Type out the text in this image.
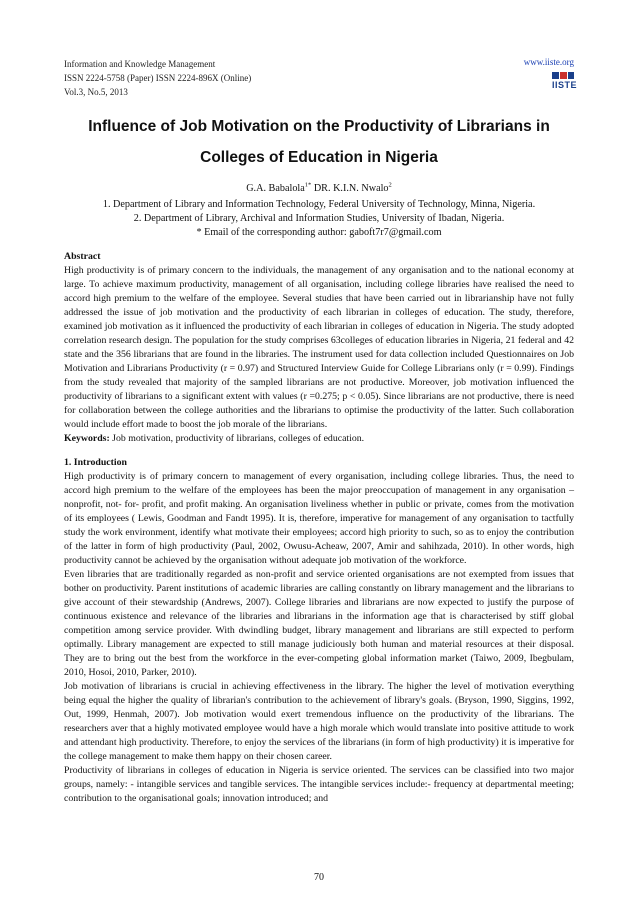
Information and Knowledge Management
ISSN 2224-5758 (Paper) ISSN 2224-896X (Online)
Vol.3, No.5, 2013
www.iiste.org
IISTE
Influence of Job Motivation on the Productivity of Librarians in
Colleges of Education in Nigeria
G.A. Babalola$^{1*}$ DR. K.I.N. Nwalo$^2$
1. Department of Library and Information Technology, Federal University of Technology, Minna, Nigeria.
2. Department of Library, Archival and Information Studies, University of Ibadan, Nigeria.
* Email of the corresponding author: gaboft7r7@gmail.com
Abstract

High productivity is of primary concern to the individuals, the management of any organisation and to the national economy at large. To achieve maximum productivity, management of all organisation, including college libraries have realised the need to accord high premium to the welfare of the employee. Several studies that have been carried out in librarianship have not fully addressed the issue of job motivation and the productivity of each librarian in colleges of education. The study, therefore, examined job motivation as it influenced the productivity of each librarian in colleges of education in Nigeria. The study adopted correlation research design. The population for the study comprises 63colleges of education libraries in Nigeria, 21 federal and 42 state and the 356 librarians that are found in the libraries. The instrument used for data collection included Questionnaires on Job Motivation and Librarians Productivity (r = 0.97) and Structured Interview Guide for College Librarians only (r = 0.99). Findings from the study revealed that majority of the sampled librarians are not productive. Moreover, job motivation influenced the productivity of librarians to a significant extent with values (r =0.275; p < 0.05). Since librarians are not productive, there is need for collaboration between the college authorities and the librarians to optimise the productivity of the latter. Such collaboration would include effort made to boost the job morale of the librarians.

Keywords: Job motivation, productivity of librarians, colleges of education.

1. Introduction

High productivity is of primary concern to management of every organisation, including college libraries. Thus, the need to accord high premium to the welfare of the employees has been the major preoccupation of management in any organisation – nonprofit, not- for- profit, and profit making. An organisation liveliness whether in public or private, comes from the motivation of its employees ( Lewis, Goodman and Fandt 1995). It is, therefore, imperative for management of any organisation to tactfully study the work environment, identify what motivate their employees; accord high priority to such, so as to enjoy the contribution of the latter in form of high productivity (Paul, 2002, Owusu-Acheaw, 2007, Amir and sahihzada, 2010). In other words, high productivity cannot be achieved by the organisation without adequate job motivation of the workforce.

Even libraries that are traditionally regarded as non-profit and service oriented organisations are not exempted from issues that bother on productivity. Parent institutions of academic libraries are calling constantly on library management and the librarians to give account of their stewardship (Andrews, 2007). College libraries and librarians are now expected to justify the purpose of continuous existence and relevance of the libraries and librarians in the information age that is characterised by stiff global competition among service provider. With dwindling budget, library management and librarians are still expected to perform optimally. Library management are expected to still manage judiciously both human and material resources at their disposal. They are to bring out the best from the workforce in the ever-competing global information market (Taiwo, 2009, Ibegbulam, 2010, Hosoi, 2010, Parker, 2010).

Job motivation of librarians is crucial in achieving effectiveness in the library. The higher the level of motivation everything being equal the higher the quality of librarian's contribution to the achievement of library's goals. (Bryson, 1990, Siggins, 1992, Out, 1999, Henmah, 2007). Job motivation would exert tremendous influence on the productivity of the librarians. The researchers aver that a highly motivated employee would have a high morale which would translate into positive attitude to work and attendant high productivity. Therefore, to enjoy the services of the librarians (in form of high productivity) it is imperative for the college management to make them happy on their chosen career.

Productivity of librarians in colleges of education in Nigeria is service oriented. The services can be classified into two major groups, namely: - intangible services and tangible services. The intangible services include:- frequency at departmental meeting; contribution to the organisational goals; innovation introduced; and

70
